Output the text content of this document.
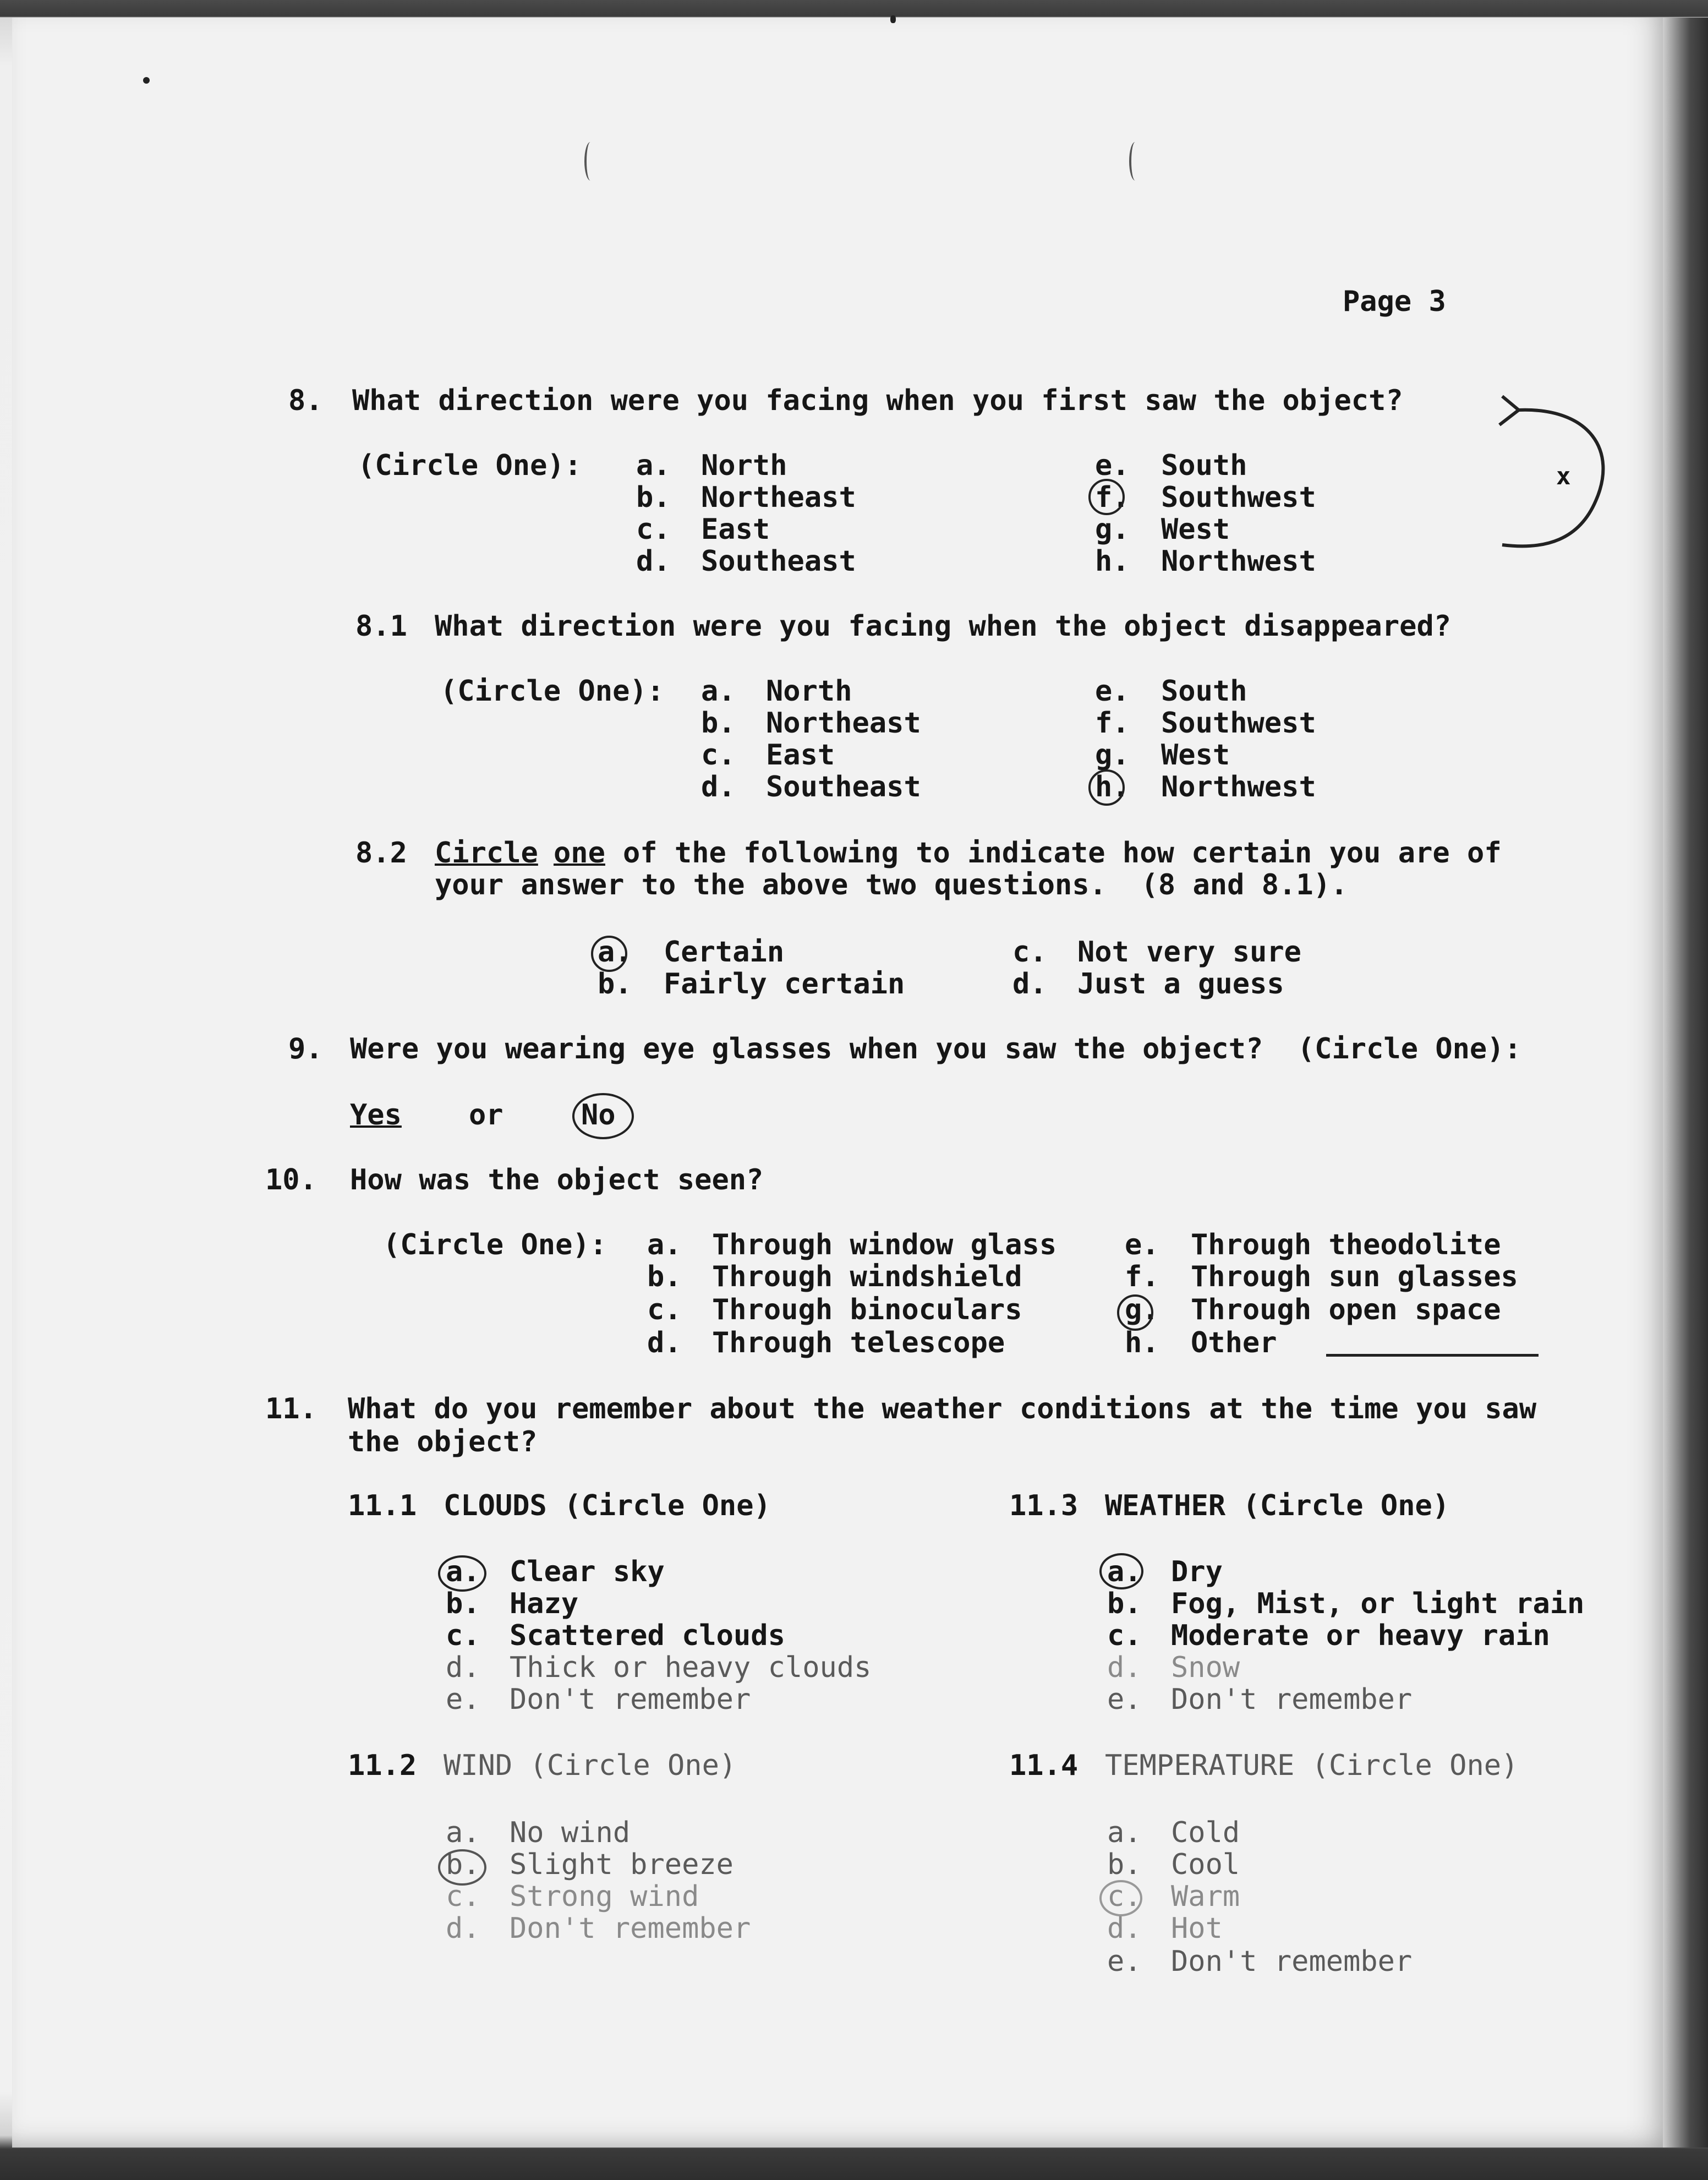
Page 3
8. What direction were you facing when you first saw the object?
(Circle One): a. North
b. Northeast
c. East
d. Southeast
e. South
f. Southwest
g. West
h. Northwest
x
8.1 What direction were you facing when the object disappeared?
(Circle One): a. North
b. Northeast
c. East
d. Southeast
e. South
f. Southwest
g. West
h. Northwest
8.2 Circle one of the following to indicate how certain you are of
your answer to the above two questions.  (8 and 8.1).
a. Certain
b. Fairly certain
c. Not very sure
d. Just a guess
9. Were you wearing eye glasses when you saw the object?  (Circle One):
Yes or	No
10. How was the object seen?
(Circle One): a. Through window glass
b. Through windshield
c. Through binoculars
d. Through telescope
e. Through theodolite
f. Through sun glasses
g. Through open space
h. Other
11. What do you remember about the weather conditions at the time you saw
the object?
11.1 CLOUDS (Circle One)
a. Clear sky
b. Hazy
c. Scattered clouds
d. Thick or heavy clouds
e. Don't remember
11.2 WIND (Circle One)
a. No wind
b. Slight breeze
c. Strong wind
d. Don't remember
11.3 WEATHER (Circle One)
a. Dry
b. Fog, Mist, or light rain
c. Moderate or heavy rain
d. Snow
e. Don't remember
11.4 TEMPERATURE (Circle One)
a. Cold
b. Cool
c. Warm
d. Hot
e. Don't remember
